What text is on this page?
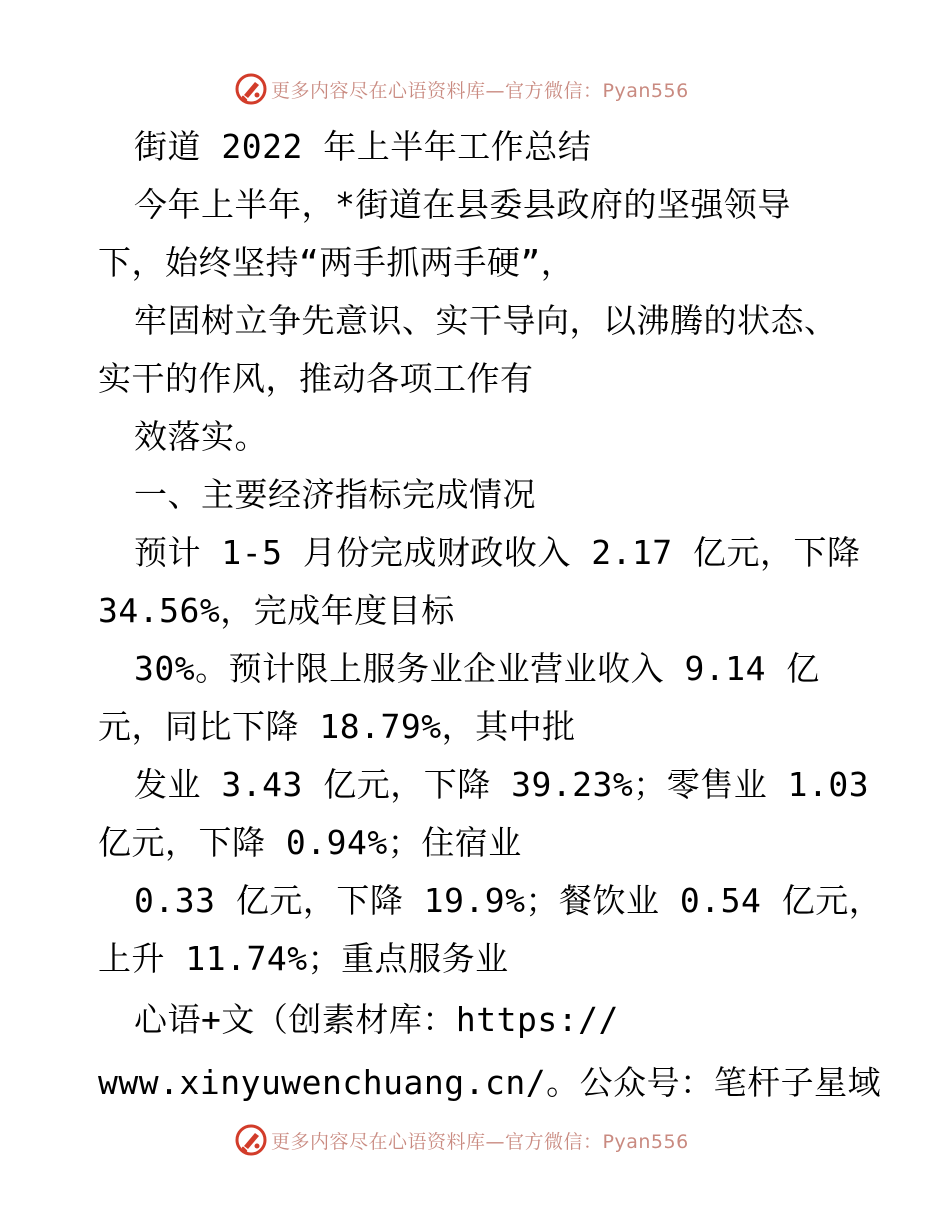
更多内容尽在心语资料库—官方微信：Pyan556

街道 2022 年上半年工作总结

今年上半年，*街道在县委县政府的坚强领导

下，始终坚持“两手抓两手硬”，

牢固树立争先意识、实干导向，以沸腾的状态、

实干的作风，推动各项工作有

效落实。

一、主要经济指标完成情况

预计 1-5 月份完成财政收入 2.17 亿元，下降

34.56%，完成年度目标

30%。预计限上服务业企业营业收入 9.14 亿

元，同比下降 18.79%，其中批

发业 3.43 亿元，下降 39.23%；零售业 1.03

亿元，下降 0.94%；住宿业

0.33 亿元，下降 19.9%；餐饮业 0.54 亿元，

上升 11.74%；重点服务业

心语+文（创素材库：https://

www.xinyuwenchuang.cn/。公众号：笔杆子星域

更多内容尽在心语资料库—官方微信：Pyan556
